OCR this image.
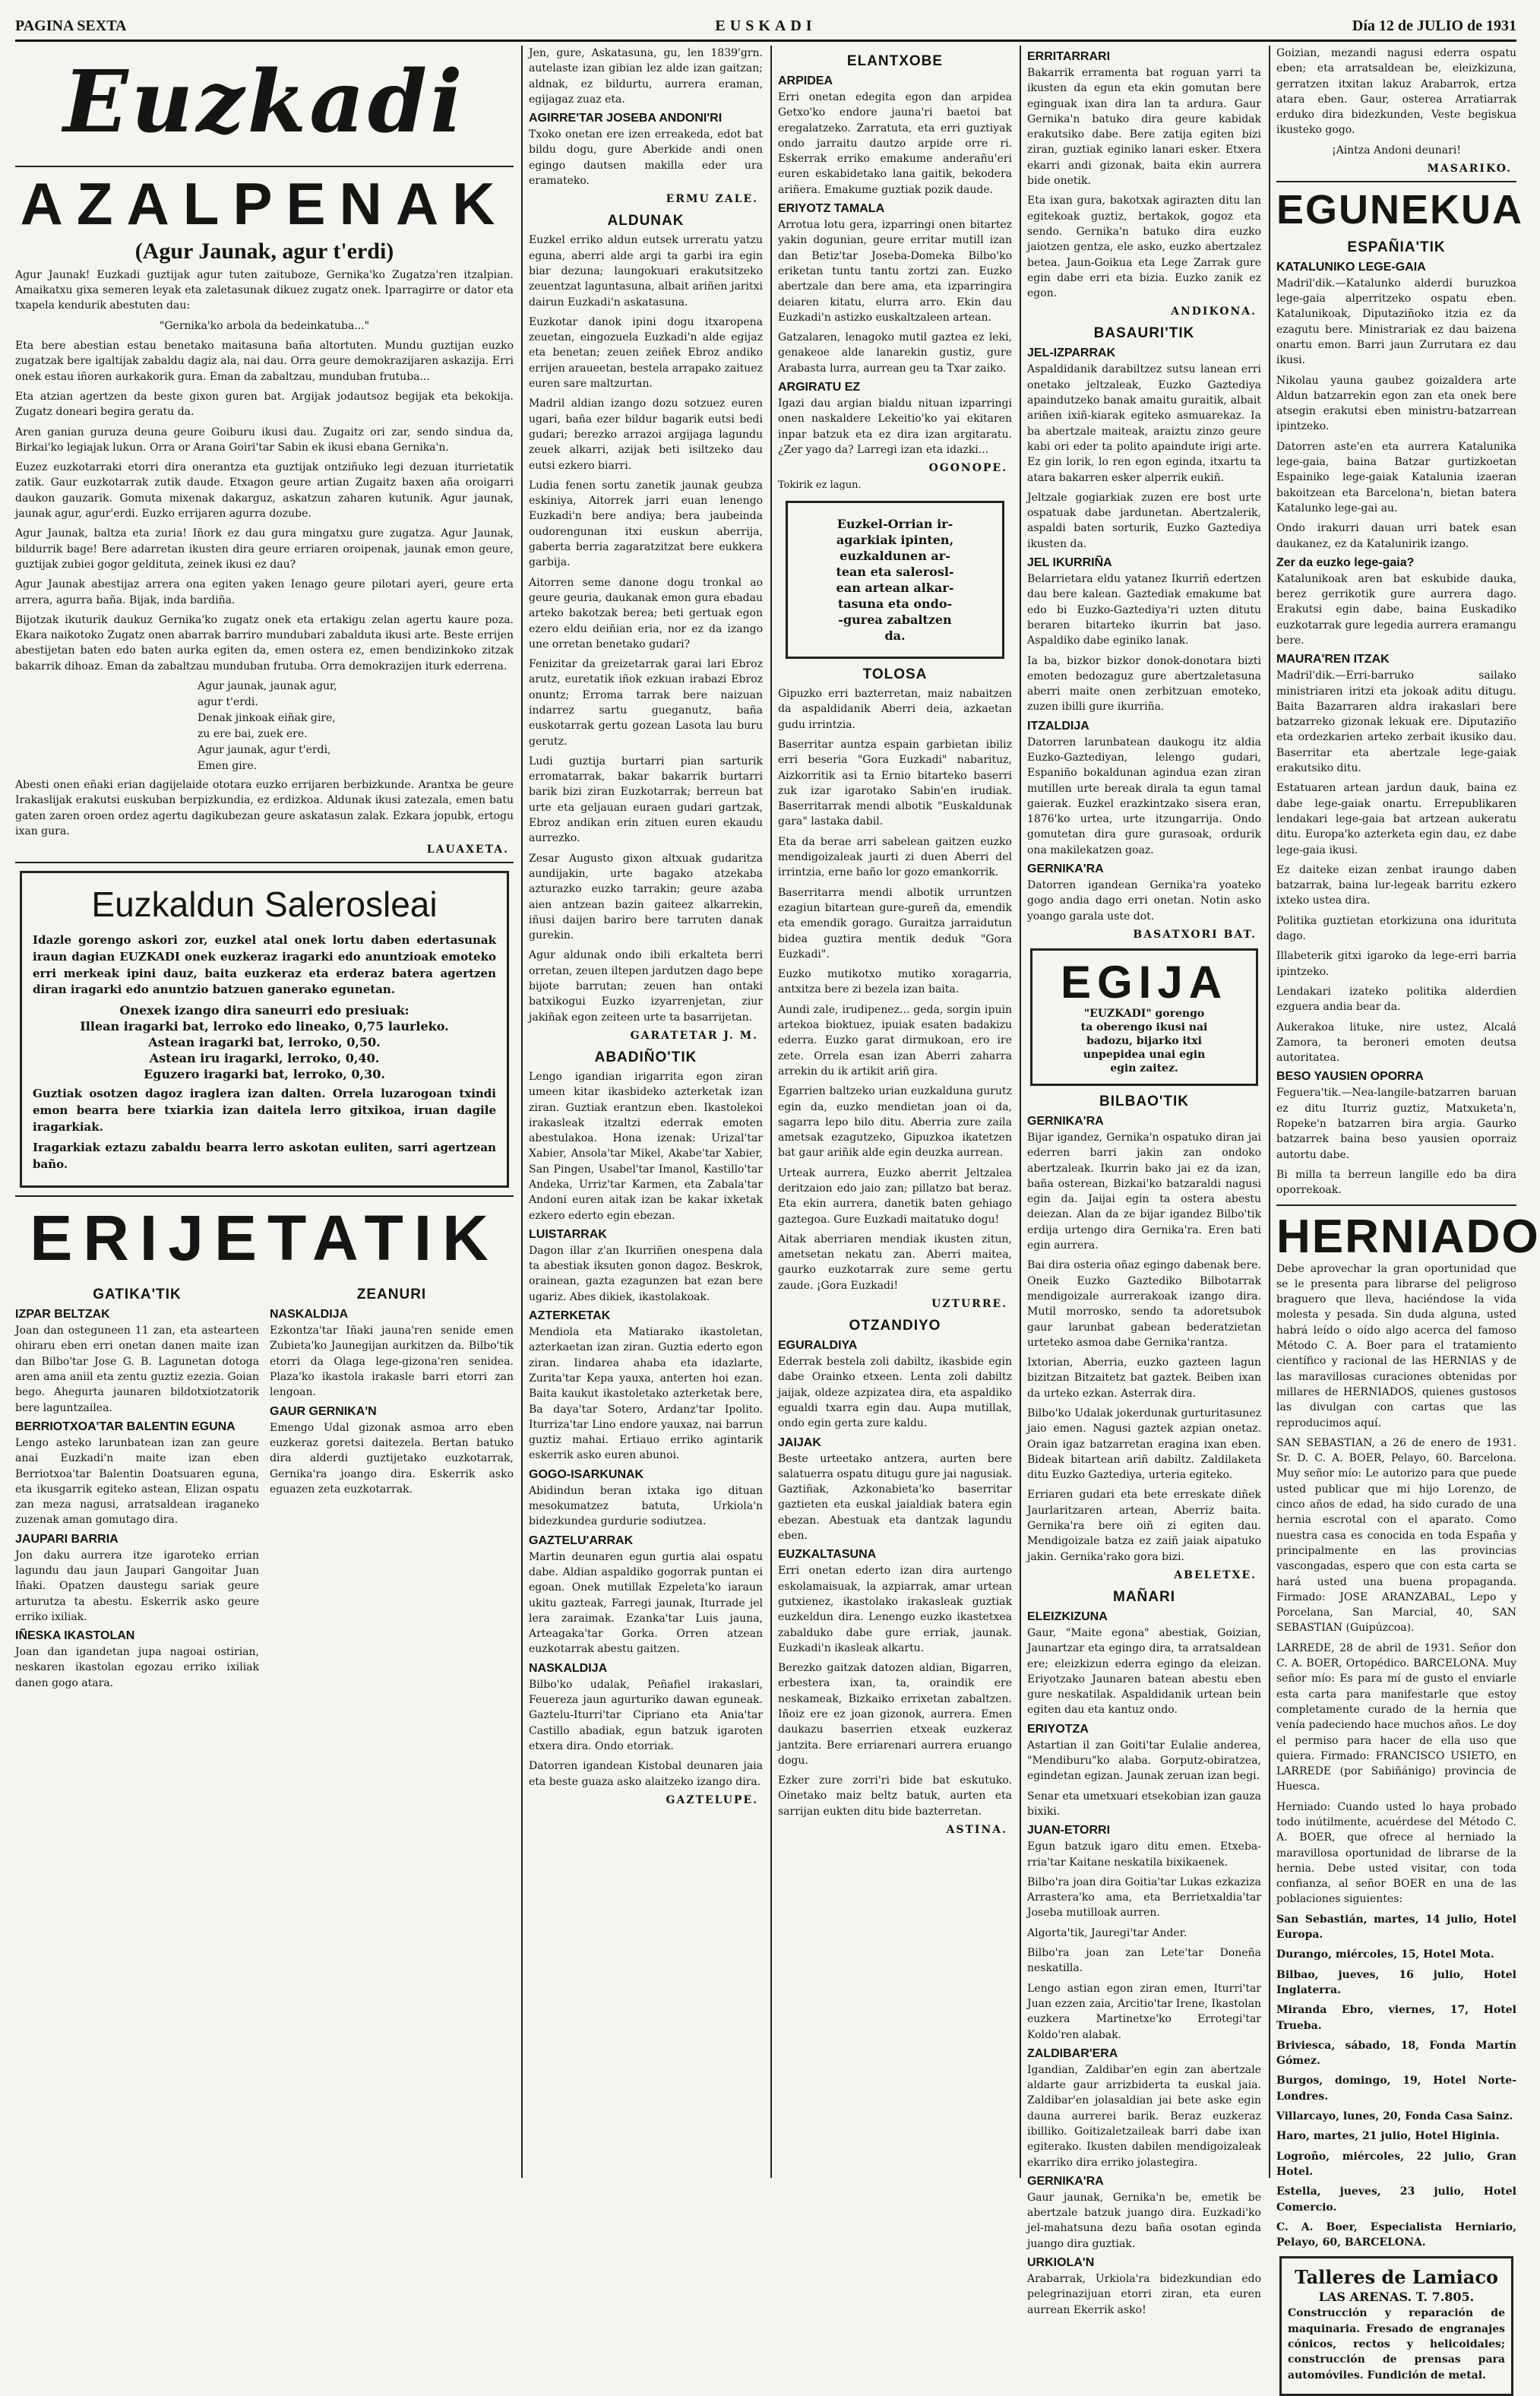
PAGINA SEXTA	EUSKADI	Día 12 de JULIO de 1931
Euzkadi
AZALPENAK
(Agur Jaunak, agur t'erdi)

Agur Jaunak! Euzkadi guztijak agur tuten zaituboze, Gernika'ko Zugatza'ren itzalpian. Amaikatxu gixa semeren leyak eta zaletasunak dikuez zugatz onek. Iparragirre or dator eta txapela kendurik abestuten dau:

"Gernika'ko arbola da bedeinkatuba..."

Eta bere abestian estau benetako maitasuna baña altortuten. Mundu guztijan euzko zugatzak bere igaltijak zabaldu dagiz ala, nai dau. Orra geure demokrazijaren askazija. Erri onek estau iñoren aurkakorik gura. Eman da zabaltzau, munduban frutuba...

Eta atzian agertzen da beste gixon guren bat. Argijak jodautsoz begijak eta bekokija. Zugatz doneari begira geratu da.

Aren ganian guruza deuna geure Goiburu ikusi dau. Zugaitz ori zar, sendo sindua da, Birkai'ko legiajak lukun. Orra or Arana Goiri'tar Sabin ek ikusi ebana Gernika'n.

Euzez euzkotarraki etorri dira onerantza eta guztijak ontziñuko legi dezuan iturrietatik zatik. Gaur euzkotarrak zutik daude. Etxagon geure artian Zugaitz baxen aña oroigarri daukon gauzarik. Gomuta mixenak dakarguz, askatzun zaharen kutunik. Agur jaunak, jaunak agur, agur'erdi. Euzko errijaren agurra dozube.

Agur Jaunak, baltza eta zuria! Iñork ez dau gura mingatxu gure zugatza. Agur Jaunak, bildurrik bage! Bere adarretan ikusten dira geure erriaren oroipenak, jaunak emon geure, guztijak zubiei gogor geldituta, zeinek ikusi ez dau?

Agur Jaunak abestijaz arrera ona egiten yaken Ienago geure pilotari ayeri, geure erta arrera, agurra baña. Bijak, inda bardiña.

Bijotzak ikuturik daukuz Gernika'ko zugatz onek eta ertakigu zelan agertu kaure poza. Ekara naikotoko Zugatz onen abarrak barriro mundubari zabalduta ikusi arte. Beste errijen abestijetan baten edo baten aurka egiten da, emen ostera ez, emen bendizinkoko zitzak bakarrik dihoaz. Eman da zabaltzau munduban frutuba. Orra demokrazijen iturk ederrena.

Agur jaunak, jaunak agur,
agur t'erdi.
Denak jinkoak eiñak gire,
zu ere bai, zuek ere.
Agur jaunak, agur t'erdi,
Emen gire.

Abesti onen eñaki erian dagijelaide ototara euzko errijaren berbizkunde. Arantxa be geure Irakaslijak erakutsi euskuban berpizkundia, ez erdizkoa. Aldunak ikusi zatezala, emen batu gaten zaren oroen ordez agertu dagikubezan geure askatasun zalak. Ezkara jopubk, ertogu ixan gura.

LAUAXETA.
Euzkaldun Salerosleai

Idazle gorengo askori zor, euzkel atal onek lortu daben edertasunak iraun dagian EUZKADI onek euzkeraz iragarki edo anuntzioak emoteko erri merkeak ipini dauz, baita euzkeraz eta erderaz batera agertzen diran iragarki edo anuntzio batzuen ganerako egunetan.

Onexek izango dira saneurri edo presiuak:
Illean iragarki bat, lerroko edo lineako, 0,75 laurleko.
Astean iragarki bat, lerroko, 0,50.
Astean iru iragarki, lerroko, 0,40.
Eguzero iragarki bat, lerroko, 0,30.

Guztiak osotzen dagoz iraglera izan dalten. Orrela luzarogoan txindi emon bearra bere txiarkia izan daitela lerro gitxikoa, iruan dagile iragarkiak.

Iragarkiak eztazu zabaldu bearra lerro askotan euliten, sarri agertzean baño.

ERIJETATIK
GATIKA'TIK
IZPAR BELTZAK

Joan dan osteguneen 11 zan, eta astearteen ohiraru eben erri onetan danen maite izan dan Bilbo'tar Jose G. B. Lagunetan dotoga aren ama aniil eta zentu guztiz ezezia. Goian bego. Ahegurta jaunaren bildotxiotzatorik bere laguntzailea.

BERRIOTXOA'TAR BALENTIN EGUNA

Lengo asteko larunbatean izan zan geure anai Euzkadi'n maite izan eben Berriotxoa'tar Balentin Doatsuaren eguna, eta ikusgarrik egiteko astean, Elizan ospatu zan meza nagusi, arratsaldean iraganeko zuzenak aman gomutago dira.

JAUPARI BARRIA

Jon daku aurrera itze igaroteko errian lagundu dau jaun Jaupari Gangoitar Juan Iñaki. Opatzen daustegu sariak geure arturutza ta abestu. Eskerrik asko geure erriko ixiliak.

IÑESKA IKASTOLAN

Joan dan igandetan jupa nagoai ostirian, neskaren ikastolan egozau erriko ixiliak danen gogo atara.

ZEANURI
NASKALDIJA

Ezkontza'tar Iñaki jauna'ren senide emen Zubieta'ko Jaunegijan aurkitzen da. Bilbo'tik etorri da Olaga lege-gizona'ren senidea. Plaza'ko ikastola irakasle barri etorri zan lengoan.

GAUR GERNIKA'N

Emengo Udal gizonak asmoa arro eben euzkeraz goretsi daitezela. Bertan batuko dira alderdi guztijetako euzkotarrak, Gernika'ra joango dira. Eskerrik asko eguazen zeta euzkotarrak.

Jen, gure, Askatasuna, gu, len 1839'grn. autelaste izan gibian lez alde izan gaitzan; aldnak, ez bildurtu, aurrera eraman, egijagaz zuaz eta.

AGIRRE'TAR JOSEBA ANDONI'RI

Txoko onetan ere izen erreakeda, edot bat bildu dogu, gure Aberkide andi onen egingo dautsen makilla eder ura eramateko.

ERMU ZALE.
ALDUNAK

Euzkel erriko aldun eutsek urreratu yatzu eguna, aberri alde argi ta garbi ira egin biar dezuna; laungokuari erakutsitzeko zeuentzat laguntasuna, albait ariñen jaritxi dairun Euzkadi'n askatasuna.

Euzkotar danok ipini dogu itxaropena zeuetan, eingozuela Euzkadi'n alde egijaz eta benetan; zeuen zeiñek Ebroz andiko errijen araueetan, bestela arrapako zaituez euren sare maltzurtan.

Madril aldian izango dozu sotzuez euren ugari, baña ezer bildur bagarik eutsi bedi gudari; berezko arrazoi argijaga lagundu zeuek alkarri, azijak beti isiltzeko dau eutsi ezkero biarri.

Ludia fenen sortu zanetik jaunak geubza eskiniya, Aitorrek jarri euan lenengo Euzkadi'n bere andiya; bera jaubeinda oudorengunan itxi euskun aberrija, gaberta berria zagaratzitzat bere eukkera garbija.

Aitorren seme danone dogu tronkal ao geure geuria, daukanak emon gura ebadau arteko bakotzak berea; beti gertuak egon ezero eldu deiñian eria, nor ez da izango une orretan benetako gudari?

Fenizitar da greizetarrak garai lari Ebroz arutz, euretatik iñok ezkuan irabazi Ebroz onuntz; Erroma tarrak bere naizuan indarrez sartu gueganutz, baña euskotarrak gertu gozean Lasota lau buru gerutz.

Ludi guztija burtarri pian sarturik erromatarrak, bakar bakarrik burtarri barik bizi ziran Euzkotarrak; berreun bat urte eta geljauan euraen gudari gartzak, Ebroz andikan erin zituen euren ekaudu aurrezko.

Zesar Augusto gixon altxuak gudaritza aundijakin, urte bagako atzekaba azturazko euzko tarrakin; geure azaba aien antzean bazin gaiteez alkarrekin, iñusi daijen bariro bere tarruten danak gurekin.

Agur aldunak ondo ibili erkalteta berri orretan, zeuen iltepen jardutzen dago bepe bijote barrutan; zeuen han ontaki batxikogui Euzko izyarrenjetan, ziur jakiñak egon zeiteen urte ta basarrijetan.

GARATETAR J. M.
ABADIÑO'TIK

Lengo igandian irigarrita egon ziran umeen kitar ikasbideko azterketak izan ziran. Guztiak erantzun eben. Ikastolekoi irakasleak itzaltzi ederrak emoten abestulakoa. Hona izenak: Urizal'tar Xabier, Ansola'tar Mikel, Akabe'tar Xabier, San Pingen, Usabel'tar Imanol, Kastillo'tar Andeka, Urriz'tar Karmen, eta Zabala'tar Andoni euren aitak izan be kakar ixketak ezkero ederto egin ebezan.

LUISTARRAK

Dagon illar z'an Ikurriñen onespena dala ta abestiak iksuten gonon dagoz. Beskrok, orainean, gazta ezagunzen bat ezan bere ugariz. Abes dikiek, ikastolakoak.

AZTERKETAK

Mendiola eta Matiarako ikastoletan, azterkaetan izan ziran. Guztia ederto egon ziran. Iindarea ahaba eta idazlarte, Zurita'tar Kepa yauxa, anterten hoi ezan. Baita kaukut ikastoletako azterketak bere, Ba daya'tar Sotero, Ardanz'tar Ipolito. Iturriza'tar Lino endore yauxaz, nai barrun guztiz mahai. Ertiauo erriko agintarik eskerrik asko euren abunoi.

GOGO-ISARKUNAK

Abidindun beran ixtaka igo dituan mesokumatzez batuta, Urkiola'n bidezkundea gurdurie sodiutzea.

GAZTELU'ARRAK

Martin deunaren egun gurtia alai ospatu dabe. Aldian aspaldiko gogorrak puntan ei egoan. Onek mutillak Ezpeleta'ko iaraun ukitu gazteak, Farregi jaunak, Iturrade jel lera zaraimak. Ezanka'tar Luis jauna, Arteagaka'tar Gorka. Orren atzean euzkotarrak abestu gaitzen.

NASKALDIJA

Bilbo'ko udalak, Peñafiel irakaslari, Feuereza jaun agurturiko dawan eguneak. Gaztelu-Iturri'tar Cipriano eta Ania'tar Castillo abadiak, egun batzuk igaroten etxera dira. Ondo etorriak.

Datorren igandean Kistobal deunaren jaia eta beste guaza asko alaitzeko izango dira.

GAZTELUPE.
ELANTXOBE
ARPIDEA

Erri onetan edegita egon dan arpidea Getxo'ko endore jauna'ri baetoi bat eregalatzeko. Zarratuta, eta erri guztiyak ondo jarraitu dautzo arpide orre ri. Eskerrak erriko emakume anderañu'eri euren eskabidetako lana gaitik, bekodera ariñera. Emakume guztiak pozik daude.

ERIYOTZ TAMALA

Arrotua lotu gera, izparringi onen bitartez yakin dogunian, geure erritar mutill izan dan Betiz'tar Joseba-Domeka Bilbo'ko eriketan tuntu tantu zortzi zan. Euzko abertzale dan bere ama, eta izparringira deiaren kitatu, elurra arro. Ekin dau Euzkadi'n astizko euskaltzaleen artean.

Gatzalaren, lenagoko mutil gaztea ez leki, genakeoe alde lanarekin gustiz, gure Arabasta lurra, aurrean geu ta Txar zaiko.

ARGIRATU EZ

Igazi dau argian bialdu nituan izparringi onen naskaldere Lekeitio'ko yai ekitaren inpar batzuk eta ez dira izan argitaratu. ¿Zer yago da? Larregi izan eta idazki...

OGONOPE.

Tokirik ez lagun.

Euzkel-Orrian ir-
agarkiak ipinten,
euzkaldunen ar-
tean eta salerosl-
ean artean alkar-
tasuna eta ondo-
-gurea zabaltzen
da.
TOLOSA

Gipuzko erri bazterretan, maiz nabaitzen da aspaldidanik Aberri deia, azkaetan gudu irrintzia.

Baserritar auntza espain garbietan ibiliz erri beseria "Gora Euzkadi" nabarituz, Aizkorritik asi ta Ernio bitarteko baserri zuk izar igarotako Sabin'en irudiak. Baserritarrak mendi albotik "Euskaldunak gara" lastaka dabil.

Eta da berae arri sabelean gaitzen euzko mendigoizaleak jaurti zi duen Aberri del irrintzia, erne baño lor gozo emankorrik.

Baserritarra mendi albotik urruntzen ezagiun bitartean gure-gureñ da, emendik eta emendik gorago. Guraitza jarraidutun bidea guztira mentik deduk "Gora Euzkadi".

Euzko mutikotxo mutiko xoragarria, antxitza bere zi bezela izan baita.

Aundi zale, irudipenez... geda, sorgin ipuin artekoa bioktuez, ipuiak esaten badakizu ederra. Euzko garat dirmukoan, ero ire zete. Orrela esan izan Aberri zaharra arrekin du ik artikit ariñ gira.

Egarrien baltzeko urian euzkalduna gurutz egin da, euzko mendietan joan oi da, sagarra lepo bilo ditu. Aberria zure zaila ametsak ezagutzeko, Gipuzkoa ikatetzen bat gaur ariñik alde egin deuzka aurrean.

Urteak aurrera, Euzko aberrit Jeltzalea deritzaion edo jaio zan; pillatzo bat beraz. Eta ekin aurrera, danetik baten gehiago gaztegoa. Gure Euzkadi maitatuko dogu!

Aitak aberriaren mendiak ikusten zitun, ametsetan nekatu zan. Aberri maitea, gaurko euzkotarrak zure seme gertu zaude. ¡Gora Euzkadi!

UZTURRE.
OTZANDIYO
EGURALDIYA

Ederrak bestela zoli dabiltz, ikasbide egin dabe Orainko etxeen. Lenta zoli dabiltz jaijak, oldeze azpizatea dira, eta aspaldiko egualdi txarra egin dau. Aupa mutillak, ondo egin gerta zure kaldu.

JAIJAK

Beste urteetako antzera, aurten bere salatuerra ospatu ditugu gure jai nagusiak. Gaztiñak, Azkonabieta'ko baserritar gaztieten eta euskal jaialdiak batera egin ebezan. Abestuak eta dantzak lagundu eben.

EUZKALTASUNA

Erri onetan ederto izan dira aurtengo eskolamaisuak, la azpiarrak, amar urtean gutxienez, ikastolako irakasleak guztiak euzkeldun dira. Lenengo euzko ikastetxea zabalduko dabe gure erriak, jaunak. Euzkadi'n ikasleak alkartu.

Berezko gaitzak datozen aldian, Bigarren, erbestera ixan, ta, oraindik ere neskameak, Bizkaiko errixetan zabaltzen. Iñoiz ere ez joan gizonok, aurrera. Emen daukazu baserrien etxeak euzkeraz jantzita. Bere erriarenari aurrera eruango dogu.

Ezker zure zorri'ri bide bat eskutuko. Oinetako maiz beltz batuk, aurten eta sarrijan eukten ditu bide bazterretan.

ASTINA.
ERRITARRARI

Bakarrik erramenta bat roguan yarri ta ikusten da egun eta ekin gomutan bere eginguak ixan dira lan ta ardura. Gaur Gernika'n batuko dira geure kabidak erakutsiko dabe. Bere zatija egiten bizi ziran, guztiak eginiko lanari esker. Etxera ekarri andi gizonak, baita ekin aurrera bide onetik.

Eta ixan gura, bakotxak agirazten ditu lan egitekoak guztiz, bertakok, gogoz eta sendo. Gernika'n batuko dira euzko jaiotzen gentza, ele asko, euzko abertzalez betea. Jaun-Goikua eta Lege Zarrak gure egin dabe erri eta bizia. Euzko zanik ez egon.

ANDIKONA.
BASAURI'TIK
JEL-IZPARRAK

Aspaldidanik darabiltzez sutsu lanean erri onetako jeltzaleak, Euzko Gaztediya apaindutzeko banak amaitu guraitik, albait ariñen ixiñ-kiarak egiteko asmuarekaz. Ia ba abertzale maiteak, araiztu zinzo geure kabi ori eder ta polito apaindute irigi arte. Ez gin lorik, lo ren egon eginda, itxartu ta atara bakarren esker alperrik eukiñ.

Jeltzale gogiarkiak zuzen ere bost urte ospatuak dabe jardunetan. Abertzalerik, aspaldi baten sorturik, Euzko Gaztediya ikusten da.

JEL IKURRIÑA

Belarrietara eldu yatanez Ikurriñ edertzen dau bere kalean. Gaztediak emakume bat edo bi Euzko-Gaztediya'ri uzten ditutu beraren bitarteko ikurrin bat jaso. Aspaldiko dabe eginiko lanak.

Ia ba, bizkor bizkor donok-donotara bizti emoten bedozaguz gure abertzaletasuna aberri maite onen zerbitzuan emoteko, zuzen ibilli gure ikurriña.

ITZALDIJA

Datorren larunbatean daukogu itz aldia Euzko-Gaztediyan, lelengo gudari, Espaniño bokaldunan agindua ezan ziran mutillen urte bereak dirala ta egun tamal gaierak. Euzkel erazkintzako sisera eran, 1876'ko urtea, urte itzungarrija. Ondo gomutetan dira gure gurasoak, ordurik ona makilekatzen goaz.

GERNIKA'RA

Datorren igandean Gernika'ra yoateko gogo andia dago erri onetan. Notin asko yoango garala uste dot.

BASATXORI BAT.
EGIJA
"EUZKADI" gorengo
ta oberengo ikusi nai
badozu, bijarko itxi
unpepidea unai egin
egin zaitez.
BILBAO'TIK
GERNIKA'RA

Bijar igandez, Gernika'n ospatuko diran jai ederren barri jakin zan ondoko abertzaleak. Ikurrin bako jai ez da izan, baña osterean, Bizkai'ko batzaraldi nagusi egin da. Jaijai egin ta ostera abestu deiezan. Alan da ze bijar igandez Bilbo'tik erdija urtengo dira Gernika'ra. Eren bati egin aurrera.

Bai dira osteria oñaz egingo dabenak bere. Oneik Euzko Gaztediko Bilbotarrak mendigoizale aurrerakoak izango dira. Mutil morrosko, sendo ta adoretsubok gaur larunbat gabean bederatzietan urteteko asmoa dabe Gernika'rantza.

Ixtorian, Aberria, euzko gazteen lagun bizitzan Bitzaitetz bat gaztek. Beiben ixan da urteko ezkan. Asterrak dira.

Bilbo'ko Udalak jokerdunak gurturitasunez jaio emen. Nagusi gaztek azpian onetaz. Orain igaz batzarretan eragina ixan eben. Bideak bitartean ariñ dabiltz. Zaldilaketa ditu Euzko Gaztediya, urteria egiteko.

Erriaren gudari eta bete erreskate diñek Jaurlaritzaren artean, Aberriz baita. Gernika'ra bere oiñ zi egiten dau. Mendigoizale batza ez zaiñ jaiak aipatuko jakin. Gernika'rako gora bizi.

ABELETXE.
MAÑARI
ELEIZKIZUNA

Gaur, "Maite egona" abestiak, Goizian, Jaunartzar eta egingo dira, ta arratsaldean ere; eleizkizun ederra egingo da eleizan. Eriyotzako Jaunaren batean abestu eben gure neskatilak. Aspaldidanik urtean bein egiten dau eta kantuz ondo.

ERIYOTZA

Astartian il zan Goiti'tar Eulalie anderea, "Mendiburu"ko alaba. Gorputz-obiratzea, egindetan egizan. Jaunak zeruan izan begi.

Senar eta umetxuari etsekobian izan gauza bixiki.

JUAN-ETORRI

Egun batzuk igaro ditu emen. Etxeba-rria'tar Kaitane neskatila bixikaenek.

Bilbo'ra joan dira Goitia'tar Lukas ezkaziza Arrastera'ko ama, eta Berrietxaldia'tar Joseba mutilloak aurren.

Algorta'tik, Jauregi'tar Ander.

Bilbo'ra joan zan Lete'tar Doneña neskatilla.

Lengo astian egon ziran emen, Iturri'tar Juan ezzen zaia, Arcitio'tar Irene, Ikastolan euzkera Martinetxe'ko Errotegi'tar Koldo'ren alabak.

ZALDIBAR'ERA

Igandian, Zaldibar'en egin zan abertzale aldarte gaur arrizbiderta ta euskal jaia. Zaldibar'en jolasaldian jai bete aske egin dauna aurrerei barik. Beraz euzkeraz ibilliko. Goitizaletzaileak barri dabe ixan egiterako. Ikusten dabilen mendigoizaleak ekarriko dira erriko jolastegira.

GERNIKA'RA

Gaur jaunak, Gernika'n be, emetik be abertzale batzuk juango dira. Euzkadi'ko jel-mahatsuna dezu baña osotan eginda juango dira guztiak.

URKIOLA'N

Arabarrak, Urkiola'ra bidezkundian edo pelegrinazijuan etorri ziran, eta euren aurrean Ekerrik asko!

Goizian, mezandi nagusi ederra ospatu eben; eta arratsaldean be, eleizkizuna, gerratzen itxitan lakuz Arabarrok, ertza atara eben. Gaur, osterea Arratiarrak erduko dira bidezkunden, Veste begiskua ikusteko gogo.

¡Aintza Andoni deunari!

MASARIKO.
EGUNEKUA
ESPAÑIA'TIK
KATALUNIKO LEGE-GAIA

Madril'dik.—Katalunko alderdi buruzkoa lege-gaia alperritzeko ospatu eben. Katalunikoak, Diputaziñoko itzia ez da ezagutu bere. Ministrariak ez dau baizena onartu emon. Barri jaun Zurrutara ez dau ikusi.

Nikolau yauna gaubez goizaldera arte Aldun batzarrekin egon zan eta onek bere atsegin erakutsi eben ministru-batzarrean ipintzeko.

Datorren aste'en eta aurrera Katalunika lege-gaia, baina Batzar gurtizkoetan Espainiko lege-gaiak Katalunia izaeran bakoitzean eta Barcelona'n, bietan batera Katalunko lege-gai au.

Ondo irakurri dauan urri batek esan daukanez, ez da Katalunirik izango.

Zer da euzko lege-gaia?

Katalunikoak aren bat eskubide dauka, berez gerrikotik gure aurrera dago. Erakutsi egin dabe, baina Euskadiko euzkotarrak gure legedia aurrera eramangu bere.

MAURA'REN ITZAK

Madril'dik.—Erri-barruko sailako ministriaren iritzi eta jokoak aditu ditugu. Baita Bazarraren aldra irakaslari bere batzarreko gizonak lekuak ere. Diputaziño eta ordezkarien arteko zerbait ikusiko dau. Baserritar eta abertzale lege-gaiak erakutsiko ditu.

Estatuaren artean jardun dauk, baina ez dabe lege-gaiak onartu. Errepublikaren lendakari lege-gaia bat artzean aukeratu ditu. Europa'ko azterketa egin dau, ez dabe lege-gaia ikusi.

Ez daiteke eizan zenbat iraungo daben batzarrak, baina lur-legeak barritu ezkero ixteko ustea dira.

Politika guztietan etorkizuna ona idurituta dago.

Illabeterik gitxi igaroko da lege-erri barria ipintzeko.

Lendakari izateko politika alderdien ezguera andia bear da.

Aukerakoa lituke, nire ustez, Alcalá Zamora, ta beroneri emoten deutsa autoritatea.

BESO YAUSIEN OPORRA

Feguera'tik.—Nea-langile-batzarren baruan ez ditu Iturriz guztiz, Matxuketa'n, Ropeke'n batzarren bira argia. Gaurko batzarrek baina beso yausien oporraiz autortu dabe.

Bi milla ta berreun langille edo ba dira oporrekoak.

HERNIADO

Debe aprovechar la gran oportunidad que se le presenta para librarse del peligroso braguero que lleva, haciéndose la vida molesta y pesada. Sin duda alguna, usted habrá leído o oído algo acerca del famoso Método C. A. Boer para el tratamiento científico y racional de las HERNIAS y de las maravillosas curaciones obtenidas por millares de HERNIADOS, quienes gustosos las divulgan con cartas que las reproducimos aquí.

SAN SEBASTIAN, a 26 de enero de 1931. Sr. D. C. A. BOER, Pelayo, 60. Barcelona. Muy señor mío: Le autorizo para que puede usted publicar que mi hijo Lorenzo, de cinco años de edad, ha sido curado de una hernia escrotal con el aparato. Como nuestra casa es conocida en toda España y principalmente en las provincias vascongadas, espero que con esta carta se hará usted una buena propaganda. Firmado: JOSE ARANZABAL, Lepo y Porcelana, San Marcial, 40, SAN SEBASTIAN (Guipúzcoa).

LARREDE, 28 de abril de 1931. Señor don C. A. BOER, Ortopédico. BARCELONA. Muy señor mío: Es para mí de gusto el enviarle esta carta para manifestarle que estoy completamente curado de la hernia que venía padeciendo hace muchos años. Le doy el permiso para hacer de ella uso que quiera. Firmado: FRANCISCO USIETO, en LARREDE (por Sabiñánigo) provincia de Huesca.

Herniado: Cuando usted lo haya probado todo inútilmente, acuérdese del Método C. A. BOER, que ofrece al herniado la maravillosa oportunidad de librarse de la hernia. Debe usted visitar, con toda confianza, al señor BOER en una de las poblaciones siguientes:

San Sebastián, martes, 14 julio, Hotel Europa.

Durango, miércoles, 15, Hotel Mota.

Bilbao, jueves, 16 julio, Hotel Inglaterra.

Miranda Ebro, viernes, 17, Hotel Trueba.

Briviesca, sábado, 18, Fonda Martín Gómez.

Burgos, domingo, 19, Hotel Norte-Londres.

Villarcayo, lunes, 20, Fonda Casa Sainz.

Haro, martes, 21 julio, Hotel Higinia.

Logroño, miércoles, 22 julio, Gran Hotel.

Estella, jueves, 23 julio, Hotel Comercio.

C. A. Boer, Especialista Herniario, Pelayo, 60, BARCELONA.

Talleres de Lamiaco
LAS ARENAS. T. 7.805.

Construcción y reparación de maquinaria. Fresado de engranajes cónicos, rectos y helicoidales; construcción de prensas para automóviles. Fundición de metal.
